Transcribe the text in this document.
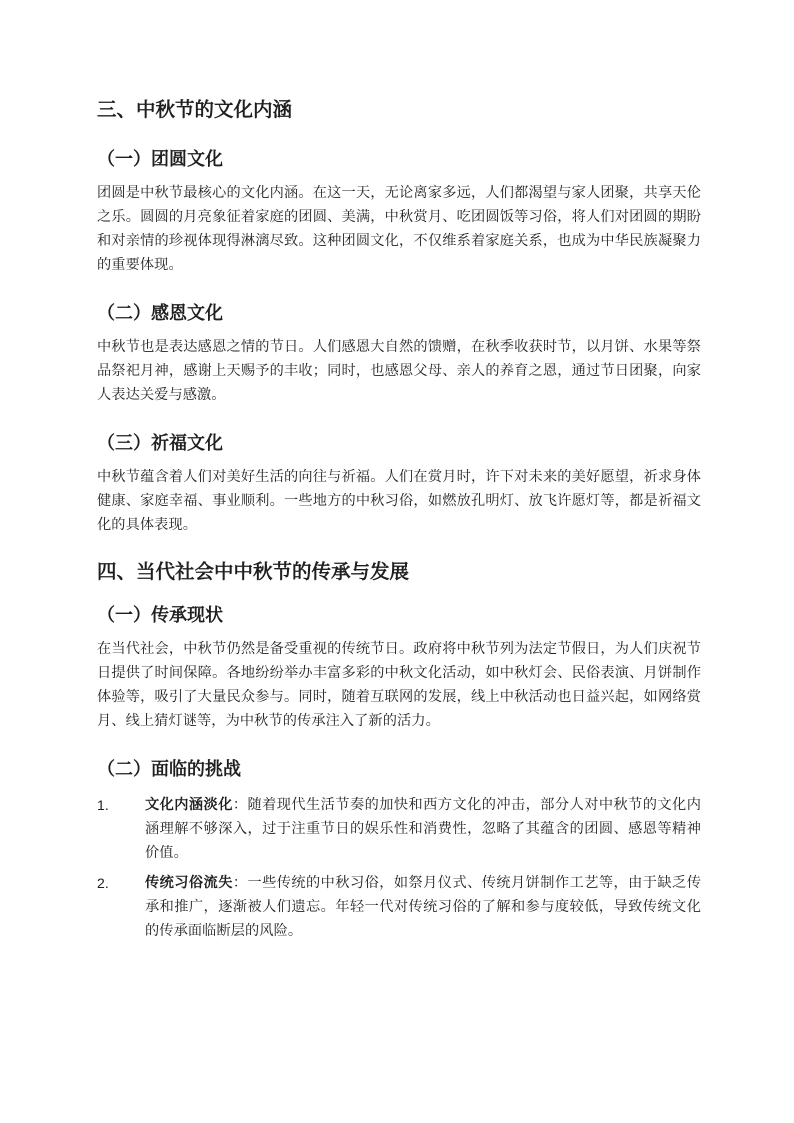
三、中秋节的文化内涵
（一）团圆文化

团圆是中秋节最核心的文化内涵。在这一天，无论离家多远，人们都渴望与家人团聚，共享天伦之乐。圆圆的月亮象征着家庭的团圆、美满，中秋赏月、吃团圆饭等习俗，将人们对团圆的期盼和对亲情的珍视体现得淋漓尽致。这种团圆文化，不仅维系着家庭关系，也成为中华民族凝聚力的重要体现。

（二）感恩文化

中秋节也是表达感恩之情的节日。人们感恩大自然的馈赠，在秋季收获时节，以月饼、水果等祭品祭祀月神，感谢上天赐予的丰收；同时，也感恩父母、亲人的养育之恩，通过节日团聚，向家人表达关爱与感激。

（三）祈福文化

中秋节蕴含着人们对美好生活的向往与祈福。人们在赏月时，许下对未来的美好愿望，祈求身体健康、家庭幸福、事业顺利。一些地方的中秋习俗，如燃放孔明灯、放飞许愿灯等，都是祈福文化的具体表现。

四、当代社会中中秋节的传承与发展
（一）传承现状

在当代社会，中秋节仍然是备受重视的传统节日。政府将中秋节列为法定节假日，为人们庆祝节日提供了时间保障。各地纷纷举办丰富多彩的中秋文化活动，如中秋灯会、民俗表演、月饼制作体验等，吸引了大量民众参与。同时，随着互联网的发展，线上中秋活动也日益兴起，如网络赏月、线上猜灯谜等，为中秋节的传承注入了新的活力。

（二）面临的挑战
1.	文化内涵淡化：随着现代生活节奏的加快和西方文化的冲击，部分人对中秋节的文化内涵理解不够深入，过于注重节日的娱乐性和消费性，忽略了其蕴含的团圆、感恩等精神价值。
2.	传统习俗流失：一些传统的中秋习俗，如祭月仪式、传统月饼制作工艺等，由于缺乏传承和推广，逐渐被人们遗忘。年轻一代对传统习俗的了解和参与度较低，导致传统文化的传承面临断层的风险。
